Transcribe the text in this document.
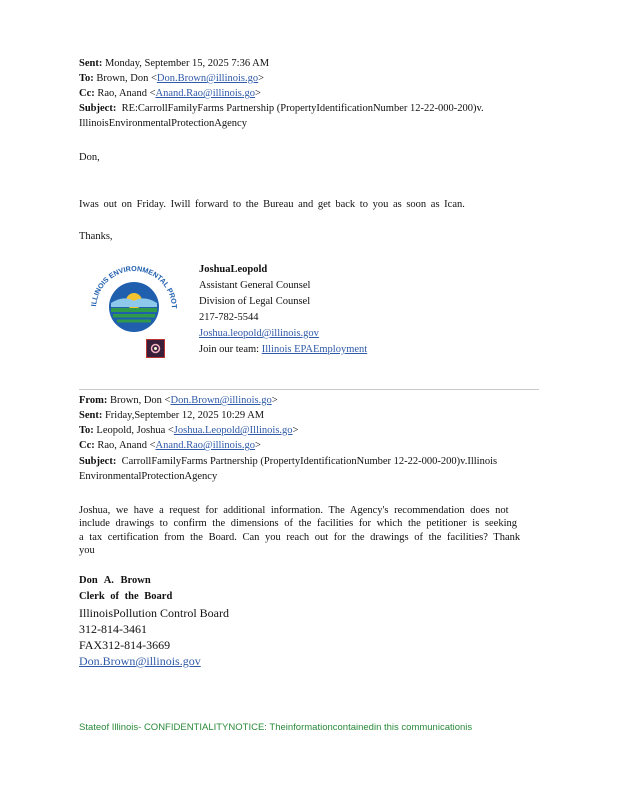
Sent: Monday, September 15, 2025 7:36 AM
To: Brown, Don <Don.Brown@illinois.go>
Cc: Rao, Anand <Anand.Rao@illinois.go>
Subject: RE:CarrollFamilyFarms Partnership (PropertyIdentificationNumber 12-22-000-200)v.
IllinoisEnvironmentalProtectionAgency
Don,
Iwas out on Friday. Iwill forward to the Bureau and get back to you as soon as Ican.
Thanks,
ILLINOIS ENVIRONMENTAL PROT
JoshuaLeopold
Assistant General Counsel
Division of Legal Counsel
217-782-5544
Joshua.leopold@illinois.gov
Join our team: Illinois EPAEmployment
From: Brown, Don <Don.Brown@illinois.go>
Sent: Friday,September 12, 2025 10:29 AM
To: Leopold, Joshua <Joshua.Leopold@Illinois.go>
Cc: Rao, Anand <Anand.Rao@illinois.go>
Subject: CarrollFamilyFarms Partnership (PropertyIdentificationNumber 12-22-000-200)v.Illinois
EnvironmentalProtectionAgency
Joshua, we have a request for additional information. The Agency's recommendation does not
include drawings to confirm the dimensions of the facilities for which the petitioner is seeking
a tax certification from the Board. Can you reach out for the drawings of the facilities? Thank
you
Don A. Brown
Clerk of the Board
IllinoisPollution Control Board
312-814-3461
FAX312-814-3669
Don.Brown@illinois.gov
Stateof Illinois- CONFIDENTIALITYNOTICE: Theinformationcontainedin this communicationis
